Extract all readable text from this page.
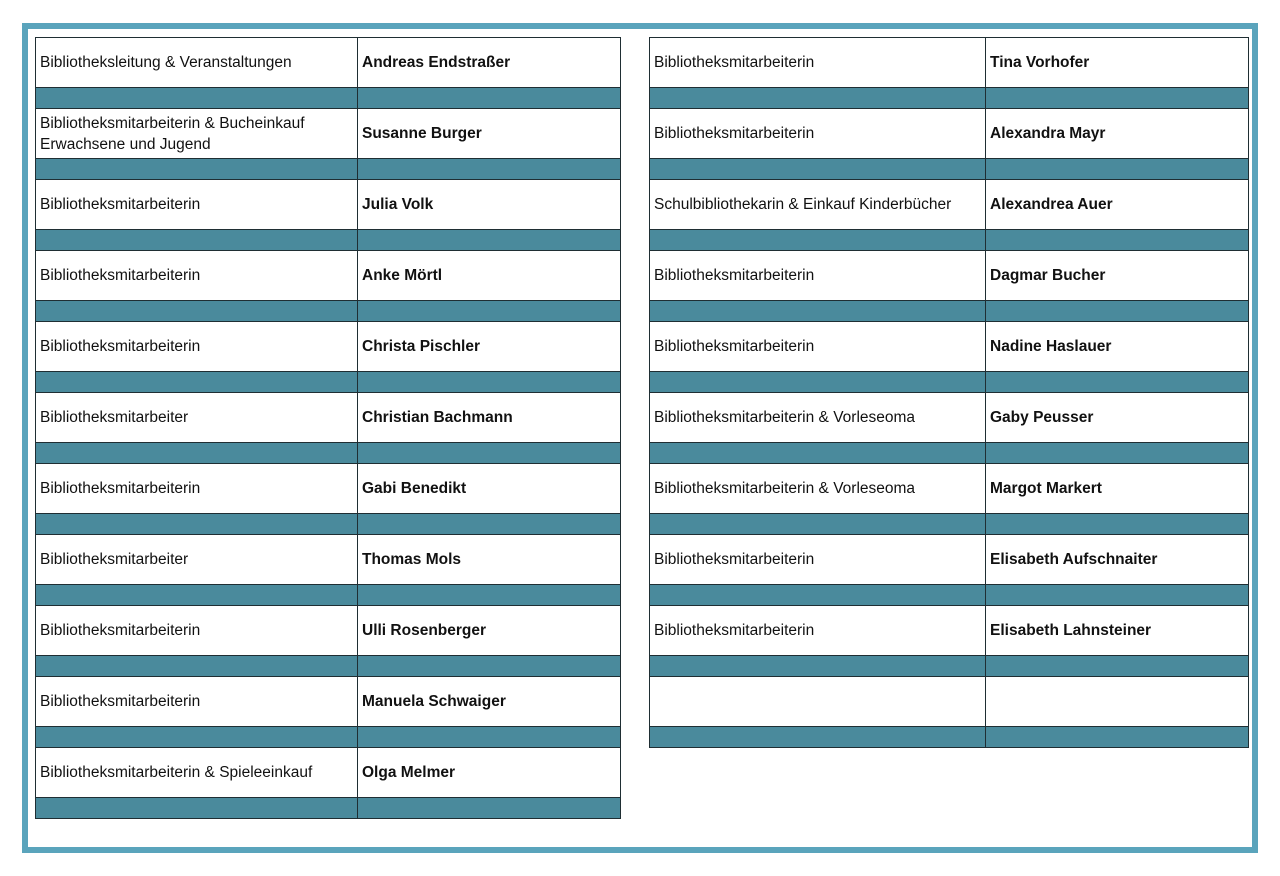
Bibliotheksleitung & Veranstaltungen	Andreas Endstraßer

Bibliotheksmitarbeiterin & Bucheinkauf Erwachsene und Jugend	Susanne Burger

Bibliotheksmitarbeiterin	Julia Volk

Bibliotheksmitarbeiterin	Anke Mörtl

Bibliotheksmitarbeiterin	Christa Pischler

Bibliotheksmitarbeiter	Christian Bachmann

Bibliotheksmitarbeiterin	Gabi Benedikt

Bibliotheksmitarbeiter	Thomas Mols

Bibliotheksmitarbeiterin	Ulli Rosenberger

Bibliotheksmitarbeiterin	Manuela Schwaiger

Bibliotheksmitarbeiterin & Spieleeinkauf	Olga Melmer

Bibliotheksmitarbeiterin	Tina Vorhofer

Bibliotheksmitarbeiterin	Alexandra Mayr

Schulbibliothekarin & Einkauf Kinderbücher	Alexandrea Auer

Bibliotheksmitarbeiterin	Dagmar Bucher

Bibliotheksmitarbeiterin	Nadine Haslauer

Bibliotheksmitarbeiterin & Vorleseoma	Gaby Peusser

Bibliotheksmitarbeiterin & Vorleseoma	Margot Markert

Bibliotheksmitarbeiterin	Elisabeth Aufschnaiter

Bibliotheksmitarbeiterin	Elisabeth Lahnsteiner
